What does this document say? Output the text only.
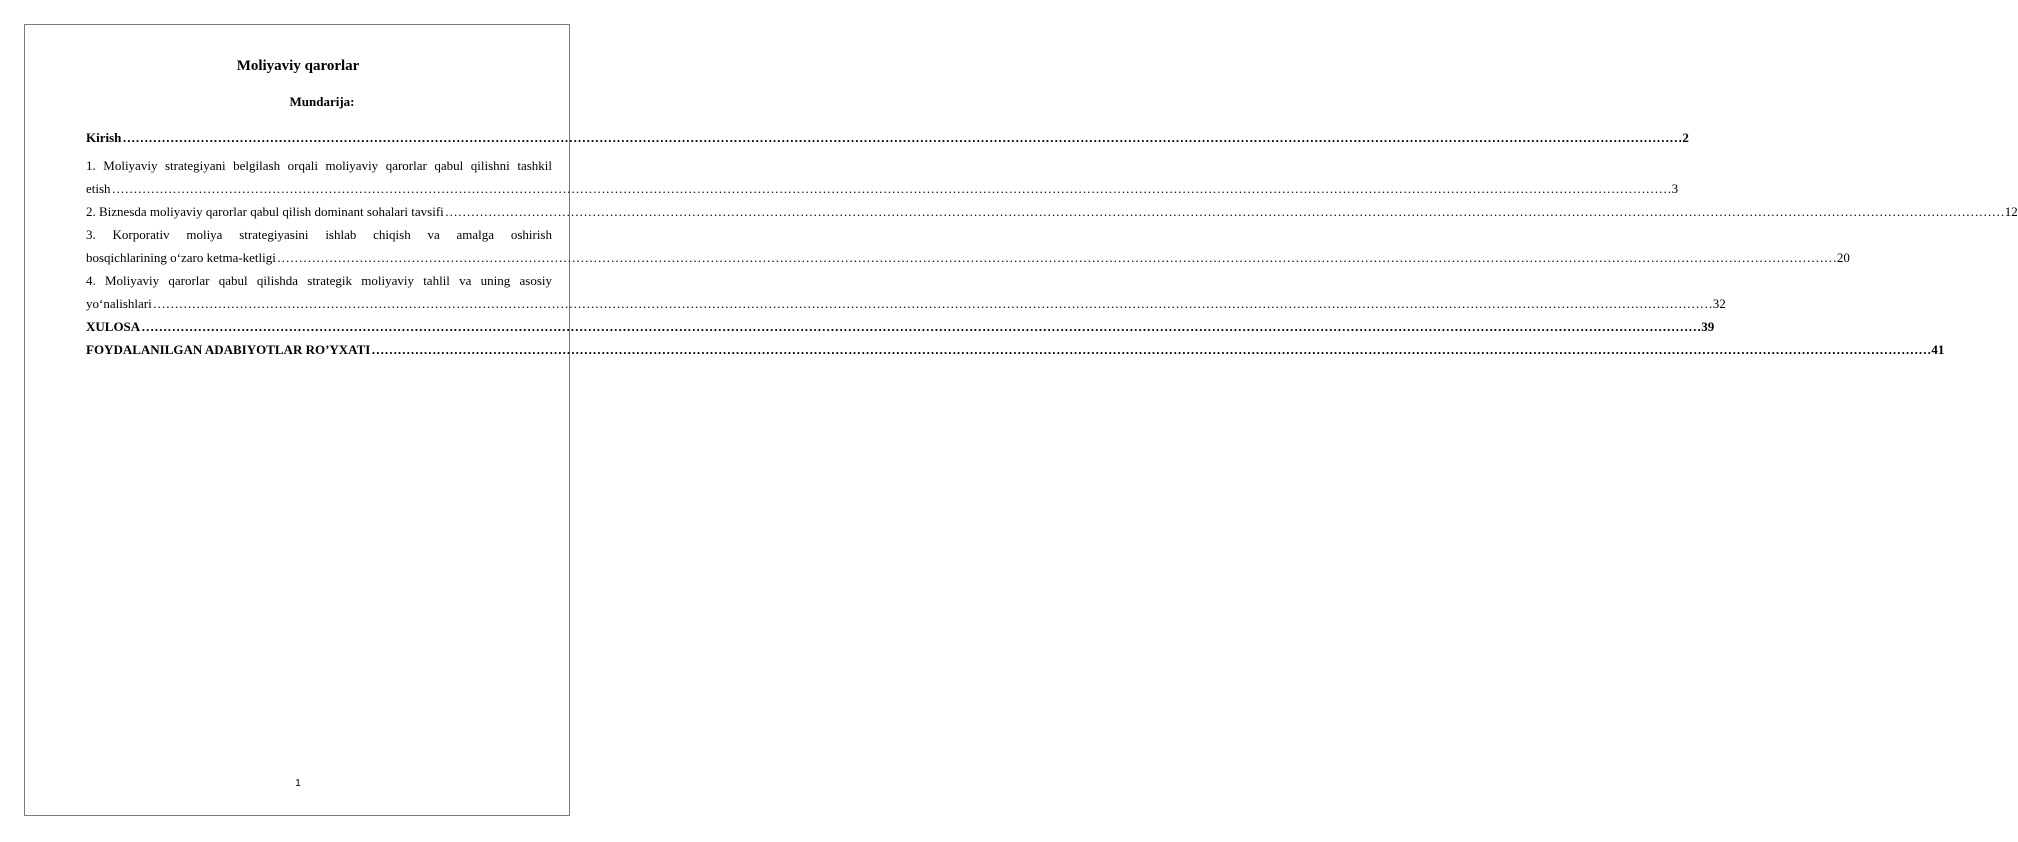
Moliyaviy qarorlar
Mundarija:
Kirish ……………………………………………………………………………………………………………………………………………………………………………………………………………………………………………………………………………………………………………………………… 2
1. Moliyaviy strategiyani belgilash orqali moliyaviy qarorlar qabul qilishni tashkil
etish ……………………………………………………………………………………………………………………………………………………………………………………………………………………………………………………………………………………………………………………………… 3
2. Biznesda moliyaviy qarorlar qabul qilish dominant sohalari tavsifi ……………………………………………………………………………………………………………………………………………………………………………………………………………………………………………………………………………………………………………………………… 12
3. Korporativ moliya strategiyasini ishlab chiqish va amalga oshirish
bosqichlarining o‘zaro ketma-ketligi ……………………………………………………………………………………………………………………………………………………………………………………………………………………………………………………………………………………………………………………………… 20
4. Moliyaviy qarorlar qabul qilishda strategik moliyaviy tahlil va uning asosiy
yo‘nalishlari ……………………………………………………………………………………………………………………………………………………………………………………………………………………………………………………………………………………………………………………………… 32
XULOSA ……………………………………………………………………………………………………………………………………………………………………………………………………………………………………………………………………………………………………………………………… 39
FOYDALANILGAN ADABIYOTLAR RO’YXATI ……………………………………………………………………………………………………………………………………………………………………………………………………………………………………………………………………………………………………………………………… 41
1
